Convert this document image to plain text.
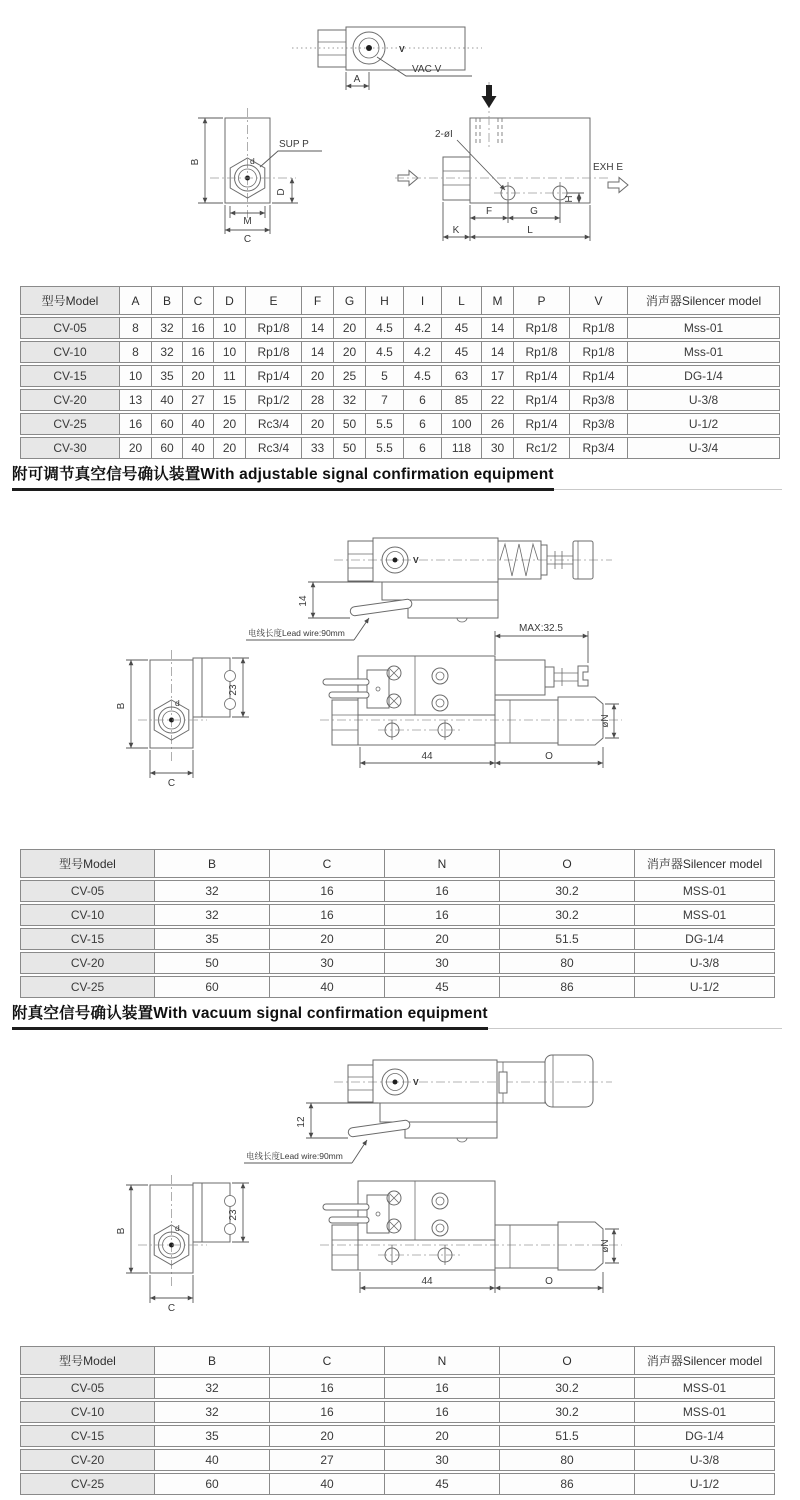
V
VAC V
A
d
SUP P
B
D
M
C
2-øI
EXH E
H
F	G
K	L
型号Model	A	B	C	D	E	F	G	H	I	L	M	P	V	消声器Silencer model
CV-05	8	32	16	10	Rp1/8	14	20	4.5	4.2	45	14	Rp1/8	Rp1/8	Mss-01
CV-10	8	32	16	10	Rp1/8	14	20	4.5	4.2	45	14	Rp1/8	Rp1/8	Mss-01
CV-15	10	35	20	11	Rp1/4	20	25	5	4.5	63	17	Rp1/4	Rp1/4	DG-1/4
CV-20	13	40	27	15	Rp1/2	28	32	7	6	85	22	Rp1/4	Rp3/8	U-3/8
CV-25	16	60	40	20	Rc3/4	20	50	5.5	6	100	26	Rp1/4	Rp3/8	U-1/2
CV-30	20	60	40	20	Rc3/4	33	50	5.5	6	118	30	Rc1/2	Rp3/4	U-3/4
附可调节真空信号确认装置With adjustable signal confirmation equipment
V
14
电线长度Lead wire:90mm
d
23
B
C
MAX:32.5
øN
44	O
型号Model	B	C	N	O	消声器Silencer model
CV-05	32	16	16	30.2	MSS-01
CV-10	32	16	16	30.2	MSS-01
CV-15	35	20	20	51.5	DG-1/4
CV-20	50	30	30	80	U-3/8
CV-25	60	40	45	86	U-1/2
附真空信号确认装置With vacuum signal confirmation equipment
V
12
电线长度Lead wire:90mm
d
23
B
C
øN
44	O
型号Model	B	C	N	O	消声器Silencer model
CV-05	32	16	16	30.2	MSS-01
CV-10	32	16	16	30.2	MSS-01
CV-15	35	20	20	51.5	DG-1/4
CV-20	40	27	30	80	U-3/8
CV-25	60	40	45	86	U-1/2
